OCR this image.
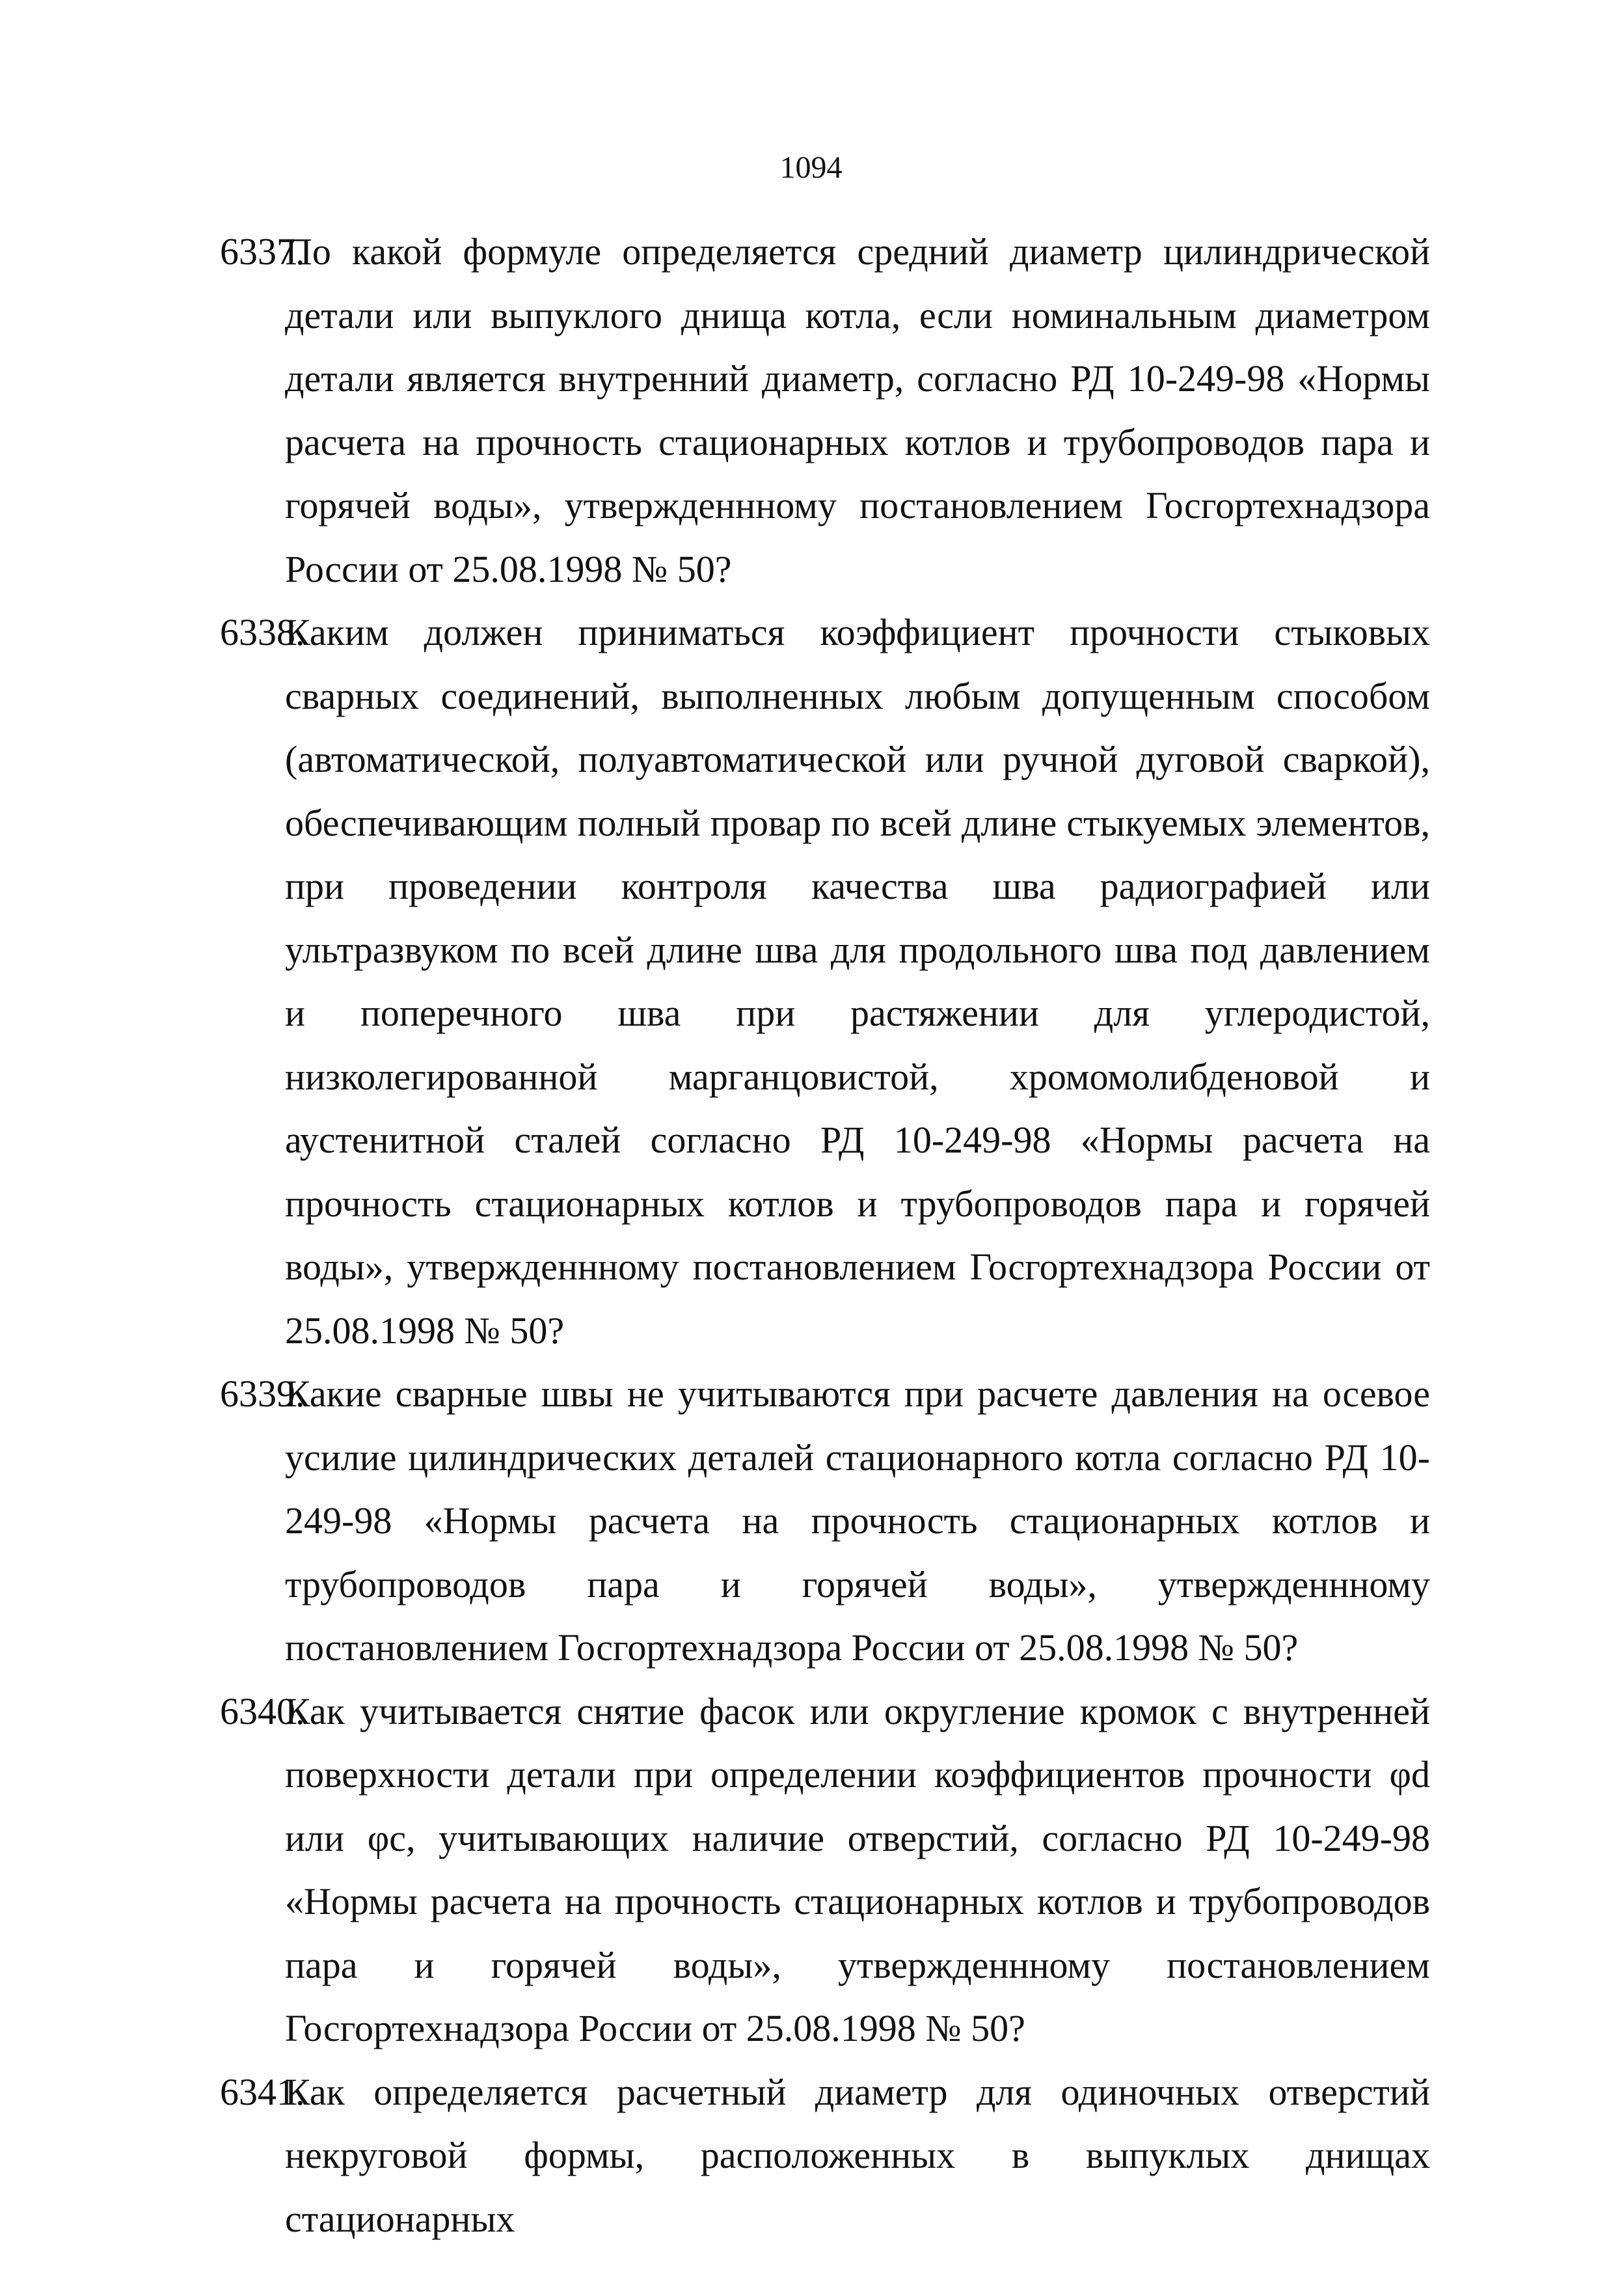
1094
6337.
По какой формуле определяется средний диаметр цилиндрической детали или выпуклого днища котла, если номинальным диаметром детали является внутренний диаметр, согласно РД 10-249-98 «Нормы расчета на прочность стационарных котлов и трубопроводов пара и горячей воды», утвержденнному постановлением Госгортехнадзора России от 25.08.1998 № 50?
6338.
Каким должен приниматься коэффициент прочности стыковых сварных соединений, выполненных любым допущенным способом (автоматической, полуавтоматической или ручной дуговой сваркой), обеспечивающим полный провар по всей длине стыкуемых элементов, при проведении контроля качества шва радиографией или ультразвуком по всей длине шва для продольного шва под давлением и поперечного шва при растяжении для углеродистой, низколегированной марганцовистой, хромомолибденовой и аустенитной сталей согласно РД 10-249-98 «Нормы расчета на прочность стационарных котлов и трубопроводов пара и горячей воды», утвержденнному постановлением Госгортехнадзора России от 25.08.1998 № 50?
6339.
Какие сварные швы не учитываются при расчете давления на осевое усилие цилиндрических деталей стационарного котла согласно РД 10-249-98 «Нормы расчета на прочность стационарных котлов и трубопроводов пара и горячей воды», утвержденнному постановлением Госгортехнадзора России от 25.08.1998 № 50?
6340.
Как учитывается снятие фасок или округление кромок с внутренней поверхности детали при определении коэффициентов прочности φd или φс, учитывающих наличие отверстий, согласно РД 10-249-98 «Нормы расчета на прочность стационарных котлов и трубопроводов пара и горячей воды», утвержденнному постановлением Госгортехнадзора России от 25.08.1998 № 50?
6341.
Как определяется расчетный диаметр для одиночных отверстий некруговой формы, расположенных в выпуклых днищах стационарных
